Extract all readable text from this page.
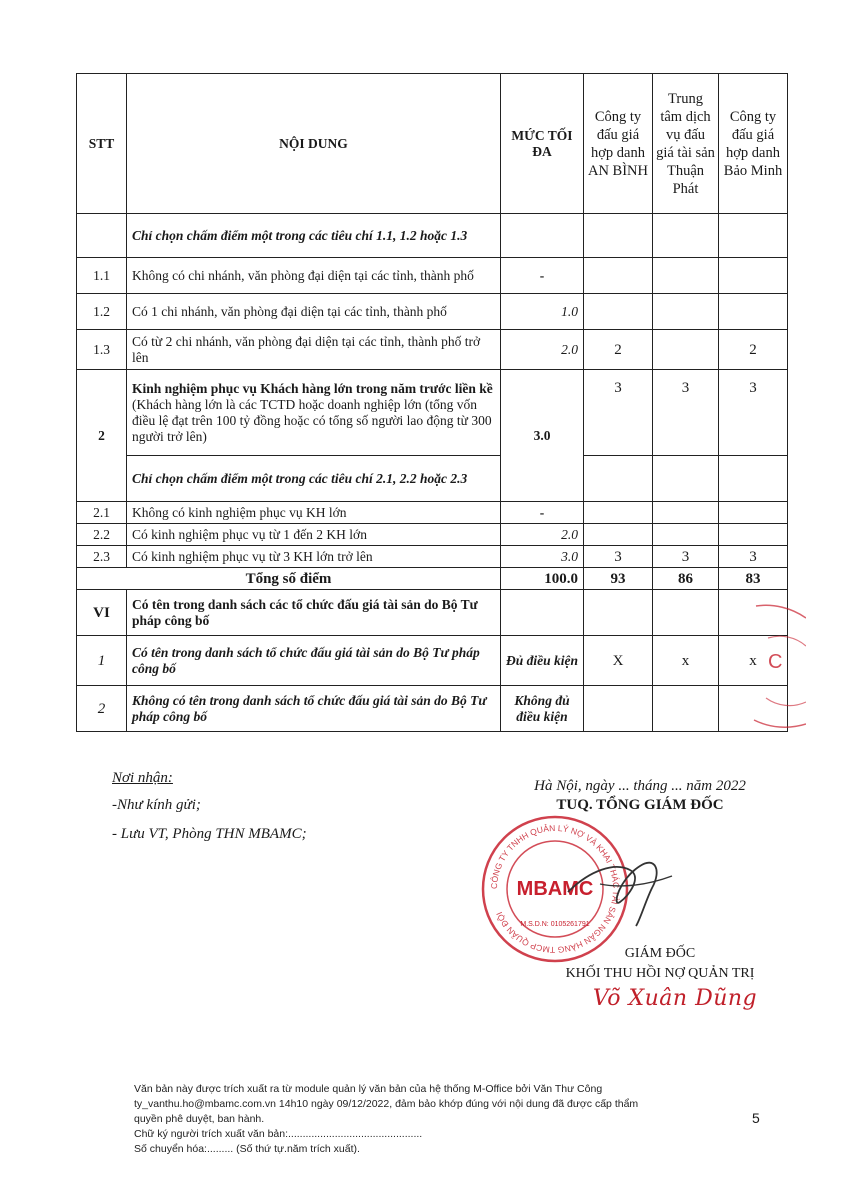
STT	NỘI DUNG	MỨC TỐI ĐA	Công ty đấu giá hợp danh AN BÌNH	Trung tâm dịch vụ đấu giá tài sản Thuận Phát	Công ty đấu giá hợp danh Bảo Minh
	Chỉ chọn chấm điểm một trong các tiêu chí 1.1, 1.2 hoặc 1.3				
1.1	Không có chi nhánh, văn phòng đại diện tại các tỉnh, thành phố	-			
1.2	Có 1 chi nhánh, văn phòng đại diện tại các tỉnh, thành phố	1.0			
1.3	Có từ 2 chi nhánh, văn phòng đại diện tại các tỉnh, thành phố trở lên	2.0	2		2
2	Kinh nghiệm phục vụ Khách hàng lớn trong năm trước liền kề (Khách hàng lớn là các TCTD hoặc doanh nghiệp lớn (tổng vốn điều lệ đạt trên 100 tỷ đồng hoặc có tổng số người lao động từ 300 người trở lên)	3.0	3	3	3
	Chỉ chọn chấm điểm một trong các tiêu chí 2.1, 2.2 hoặc 2.3				
2.1	Không có kinh nghiệm phục vụ KH lớn	-			
2.2	Có kinh nghiệm phục vụ từ 1 đến 2 KH lớn	2.0			
2.3	Có kinh nghiệm phục vụ từ 3 KH lớn trở lên	3.0	3	3	3
Tổng số điểm		100.0	93	86	83
VI	Có tên trong danh sách các tổ chức đấu giá tài sản do Bộ Tư pháp công bố				
1	Có tên trong danh sách tổ chức đấu giá tài sản do Bộ Tư pháp công bố	Đủ điều kiện	X	x	x
2	Không có tên trong danh sách tổ chức đấu giá tài sản do Bộ Tư pháp công bố	Không đủ điều kiện			
C
Nơi nhận:
-Như kính gửi;
- Lưu VT, Phòng THN MBAMC;
CÔNG TY TNHH QUẢN LÝ NỢ VÀ KHAI THÁC TÀI SẢN NGÂN HÀNG TMCP QUÂN ĐỘI
MBAMC
M.S.D.N: 0105261791
Hà Nội, ngày ... tháng ... năm 2022
TUQ. TỔNG GIÁM ĐỐC
GIÁM ĐỐC
KHỐI THU HỒI NỢ QUẢN TRỊ
Võ Xuân Dũng
Văn bản này được trích xuất ra từ module quản lý văn bản của hệ thống M-Office bởi Văn Thư Công
ty_vanthu.ho@mbamc.com.vn 14h10 ngày 09/12/2022, đảm bảo khớp đúng với nội dung đã được cấp thẩm
quyền phê duyệt, ban hành.
Chữ ký người trích xuất văn bản:..............................................
Số chuyển hóa:......... (Số thứ tự.năm trích xuất).
5
